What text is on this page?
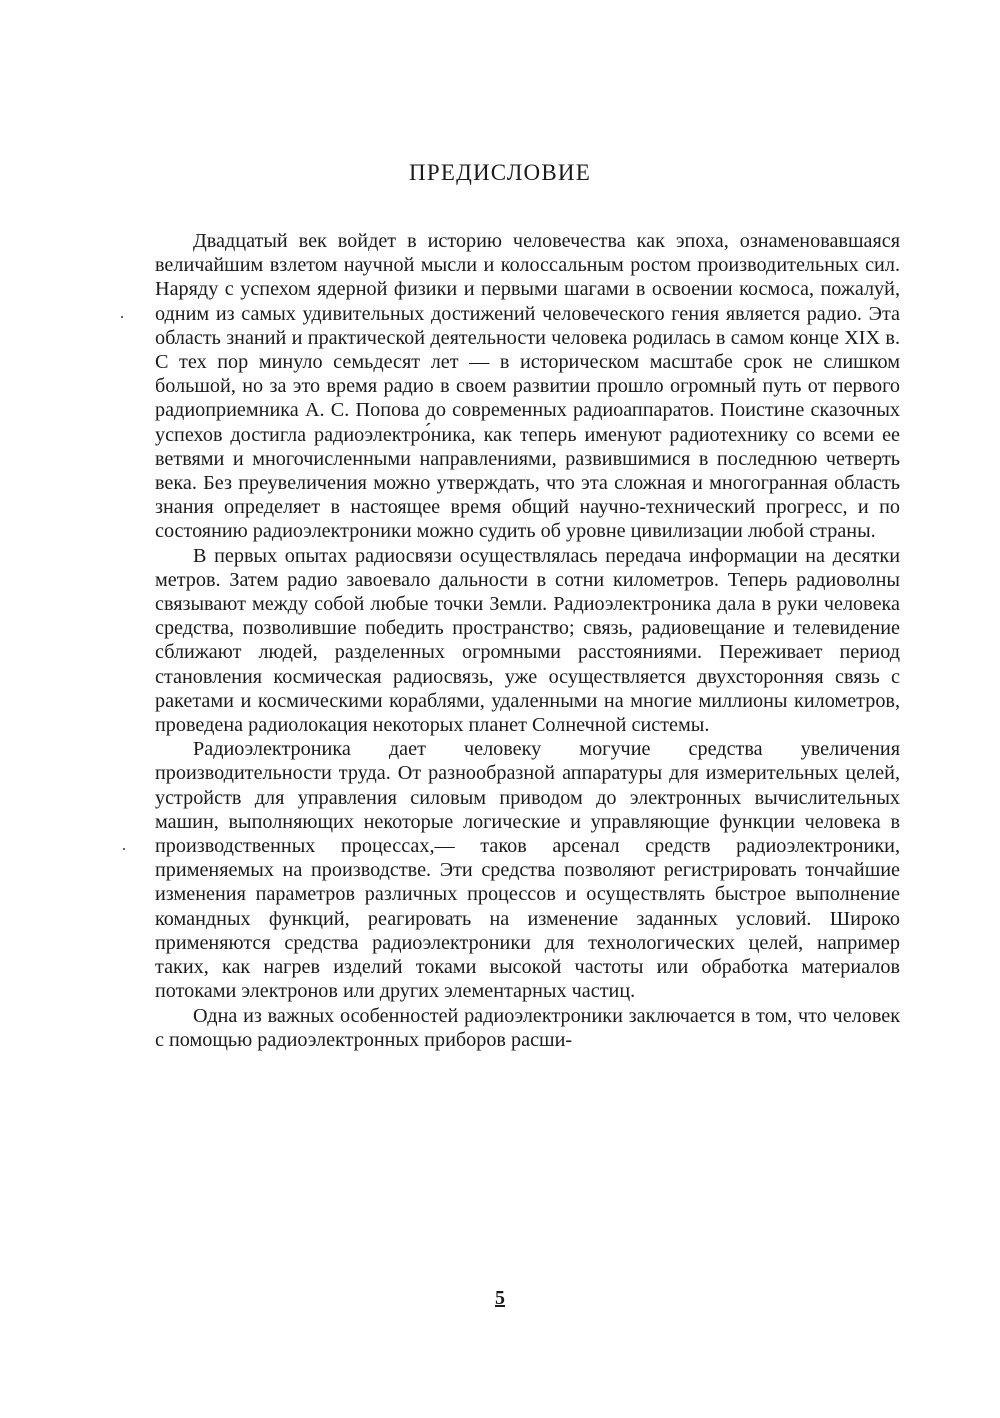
ПРЕДИСЛОВИЕ

Двадцатый век войдет в историю человечества как эпоха, ознаменовавшаяся величайшим взлетом научной мысли и колоссальным ростом производительных сил. Наряду с успехом ядерной физики и первыми шагами в освоении космоса, пожалуй, одним из самых удивительных достижений человеческого гения является радио. Эта область знаний и практической деятельности человека родилась в самом конце XIX в. С тех пор минуло семьдесят лет — в историческом масштабе срок не слишком большой, но за это время радио в своем развитии прошло огромный путь от первого радиоприемника А. С. Попова до современных радиоаппаратов. Поистине сказочных успехов достигла радиоэлектро́ника, как теперь именуют радиотехнику со всеми ее ветвями и многочисленными направлениями, развившимися в последнюю четверть века. Без преувеличения можно утверждать, что эта сложная и многогранная область знания определяет в настоящее время общий научно-технический прогресс, и по состоянию радиоэлектроники можно судить об уровне цивилизации любой страны.

В первых опытах радиосвязи осуществлялась передача информации на десятки метров. Затем радио завоевало дальности в сотни километров. Теперь радиоволны связывают между собой любые точки Земли. Радиоэлектроника дала в руки человека средства, позволившие победить пространство; связь, радиовещание и телевидение сближают людей, разделенных огромными расстояниями. Переживает период становления космическая радиосвязь, уже осуществляется двухсторонняя связь с ракетами и космическими кораблями, удаленными на многие миллионы километров, проведена радиолокация некоторых планет Солнечной системы.

Радиоэлектроника дает человеку могучие средства увеличения производительности труда. От разнообразной аппаратуры для измерительных целей, устройств для управления силовым приводом до электронных вычислительных машин, выполняющих некоторые логические и управляющие функции человека в производственных процессах,— таков арсенал средств радиоэлектроники, применяемых на производстве. Эти средства позволяют регистрировать тончайшие изменения параметров различных процессов и осуществлять быстрое выполнение командных функций, реагировать на изменение заданных условий. Широко применяются средства радиоэлектроники для технологических целей, например таких, как нагрев изделий токами высокой частоты или обработка материалов потоками электронов или других элементарных частиц.

Одна из важных особенностей радиоэлектроники заключается в том, что человек с помощью радиоэлектронных приборов расши-

5
